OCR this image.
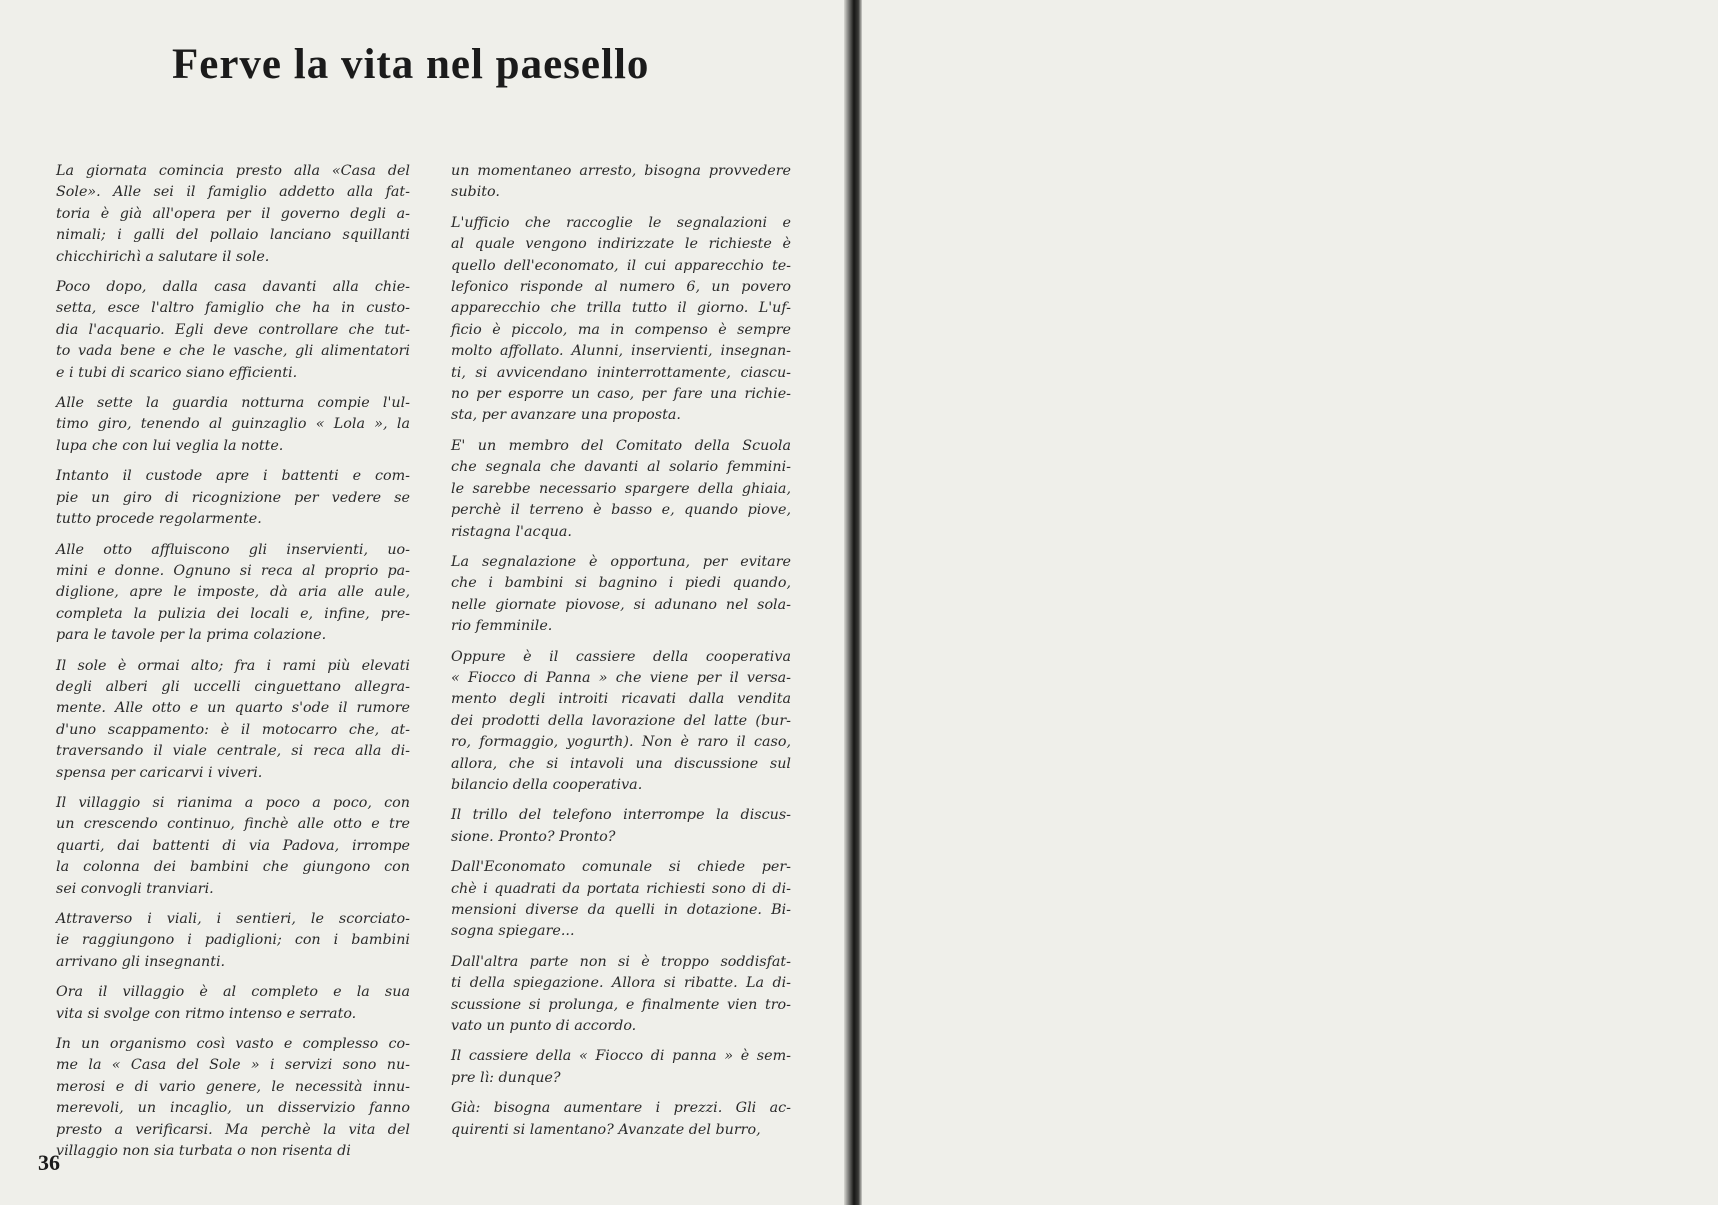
Ferve la vita nel paesello

La giornata comincia presto alla «Casa del
Sole». Alle sei il famiglio addetto alla fat-
toria è già all'opera per il governo degli a-
nimali; i galli del pollaio lanciano squillanti
chicchirichì a salutare il sole.

Poco dopo, dalla casa davanti alla chie-
setta, esce l'altro famiglio che ha in custo-
dia l'acquario. Egli deve controllare che tut-
to vada bene e che le vasche, gli alimentatori
e i tubi di scarico siano efficienti.

Alle sette la guardia notturna compie l'ul-
timo giro, tenendo al guinzaglio « Lola », la
lupa che con lui veglia la notte.

Intanto il custode apre i battenti e com-
pie un giro di ricognizione per vedere se
tutto procede regolarmente.

Alle otto affluiscono gli inservienti, uo-
mini e donne. Ognuno si reca al proprio pa-
diglione, apre le imposte, dà aria alle aule,
completa la pulizia dei locali e, infine, pre-
para le tavole per la prima colazione.

Il sole è ormai alto; fra i rami più elevati
degli alberi gli uccelli cinguettano allegra-
mente. Alle otto e un quarto s'ode il rumore
d'uno scappamento: è il motocarro che, at-
traversando il viale centrale, si reca alla di-
spensa per caricarvi i viveri.

Il villaggio si rianima a poco a poco, con
un crescendo continuo, finchè alle otto e tre
quarti, dai battenti di via Padova, irrompe
la colonna dei bambini che giungono con
sei convogli tranviari.

Attraverso i viali, i sentieri, le scorciato-
ie raggiungono i padiglioni; con i bambini
arrivano gli insegnanti.

Ora il villaggio è al completo e la sua
vita si svolge con ritmo intenso e serrato.

In un organismo così vasto e complesso co-
me la « Casa del Sole » i servizi sono nu-
merosi e di vario genere, le necessità innu-
merevoli, un incaglio, un disservizio fanno
presto a verificarsi. Ma perchè la vita del
villaggio non sia turbata o non risenta di

un momentaneo arresto, bisogna provvedere
subito.

L'ufficio che raccoglie le segnalazioni e
al quale vengono indirizzate le richieste è
quello dell'economato, il cui apparecchio te-
lefonico risponde al numero 6, un povero
apparecchio che trilla tutto il giorno. L'uf-
ficio è piccolo, ma in compenso è sempre
molto affollato. Alunni, inservienti, insegnan-
ti, si avvicendano ininterrottamente, ciascu-
no per esporre un caso, per fare una richie-
sta, per avanzare una proposta.

E' un membro del Comitato della Scuola
che segnala che davanti al solario femmini-
le sarebbe necessario spargere della ghiaia,
perchè il terreno è basso e, quando piove,
ristagna l'acqua.

La segnalazione è opportuna, per evitare
che i bambini si bagnino i piedi quando,
nelle giornate piovose, si adunano nel sola-
rio femminile.

Oppure è il cassiere della cooperativa
« Fiocco di Panna » che viene per il versa-
mento degli introiti ricavati dalla vendita
dei prodotti della lavorazione del latte (bur-
ro, formaggio, yogurth). Non è raro il caso,
allora, che si intavoli una discussione sul
bilancio della cooperativa.

Il trillo del telefono interrompe la discus-
sione. Pronto? Pronto?

Dall'Economato comunale si chiede per-
chè i quadrati da portata richiesti sono di di-
mensioni diverse da quelli in dotazione. Bi-
sogna spiegare...

Dall'altra parte non si è troppo soddisfat-
ti della spiegazione. Allora si ribatte. La di-
scussione si prolunga, e finalmente vien tro-
vato un punto di accordo.

Il cassiere della « Fiocco di panna » è sem-
pre lì: dunque?

Già: bisogna aumentare i prezzi. Gli ac-
quirenti si lamentano? Avanzate del burro,

36
